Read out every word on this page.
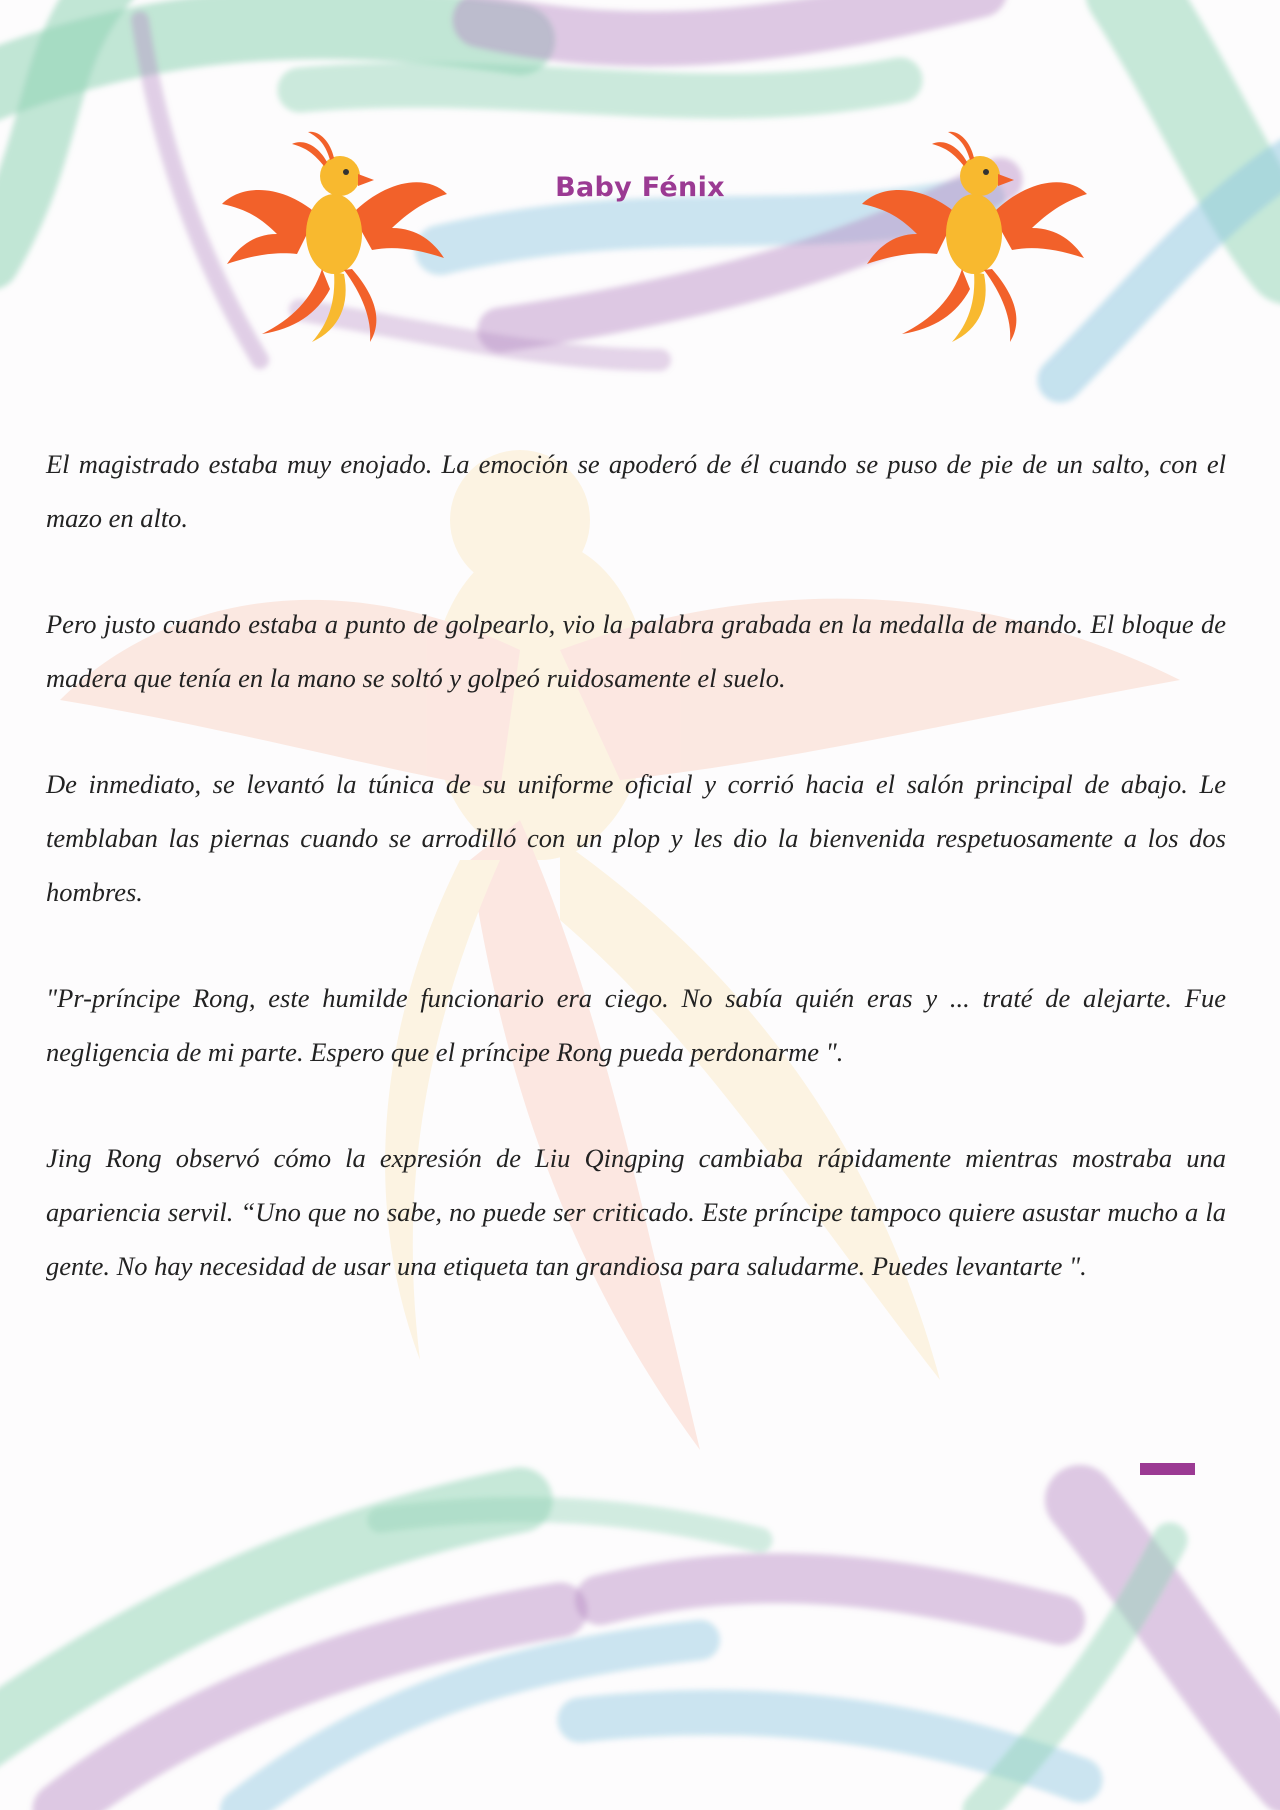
Baby Fénix

El magistrado estaba muy enojado. La emoción se apoderó de él cuando se puso de pie de un salto, con el mazo en alto.

Pero justo cuando estaba a punto de golpearlo, vio la palabra grabada en la medalla de mando. El bloque de madera que tenía en la mano se soltó y golpeó ruidosamente el suelo.

De inmediato, se levantó la túnica de su uniforme oficial y corrió hacia el salón principal de abajo. Le temblaban las piernas cuando se arrodilló con un plop y les dio la bienvenida respetuosamente a los dos hombres.

"Pr-príncipe Rong, este humilde funcionario era ciego. No sabía quién eras y ... traté de alejarte. Fue negligencia de mi parte. Espero que el príncipe Rong pueda perdonarme ".

Jing Rong observó cómo la expresión de Liu Qingping cambiaba rápidamente mientras mostraba una apariencia servil. “Uno que no sabe, no puede ser criticado. Este príncipe tampoco quiere asustar mucho a la gente. No hay necesidad de usar una etiqueta tan grandiosa para saludarme. Puedes levantarte ".
